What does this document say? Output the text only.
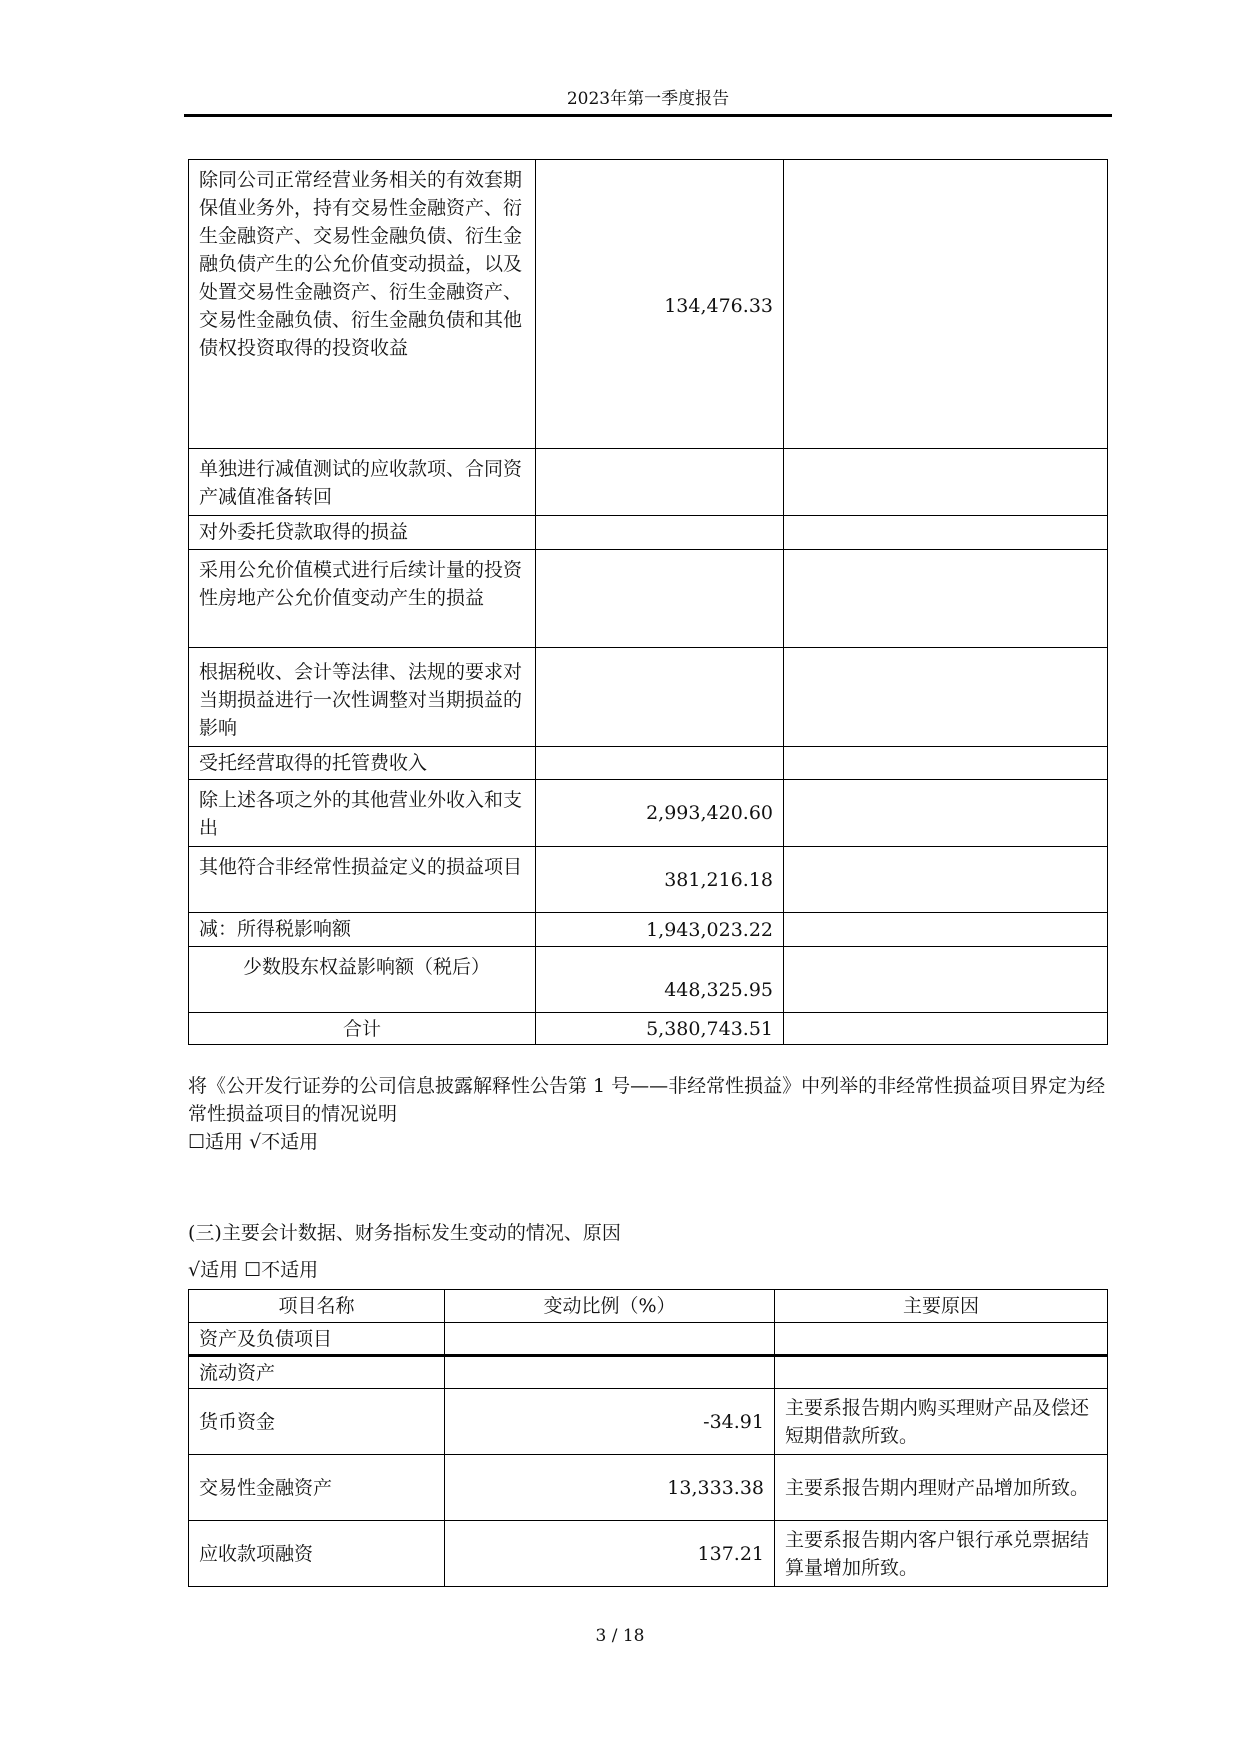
2023年第一季度报告
除同公司正常经营业务相关的有效套期保值业务外，持有交易性金融资产、衍生金融资产、交易性金融负债、衍生金融负债产生的公允价值变动损益，以及处置交易性金融资产、衍生金融资产、交易性金融负债、衍生金融负债和其他债权投资取得的投资收益	134,476.33	
单独进行减值测试的应收款项、合同资产减值准备转回		
对外委托贷款取得的损益		
采用公允价值模式进行后续计量的投资性房地产公允价值变动产生的损益		
根据税收、会计等法律、法规的要求对当期损益进行一次性调整对当期损益的影响		
受托经营取得的托管费收入		
除上述各项之外的其他营业外收入和支出	2,993,420.60	
其他符合非经常性损益定义的损益项目	381,216.18	
减：所得税影响额	1,943,023.22	
少数股东权益影响额（税后）	448,325.95	
合计	5,380,743.51	
将《公开发行证券的公司信息披露解释性公告第 1 号——非经常性损益》中列举的非经常性损益项目界定为经常性损益项目的情况说明
☐适用 √不适用
(三)主要会计数据、财务指标发生变动的情况、原因
√适用 ☐不适用
项目名称	变动比例（%）	主要原因
资产及负债项目		
流动资产		
货币资金	-34.91	主要系报告期内购买理财产品及偿还短期借款所致。
交易性金融资产	13,333.38	主要系报告期内理财产品增加所致。
应收款项融资	137.21	主要系报告期内客户银行承兑票据结算量增加所致。
3 / 18
